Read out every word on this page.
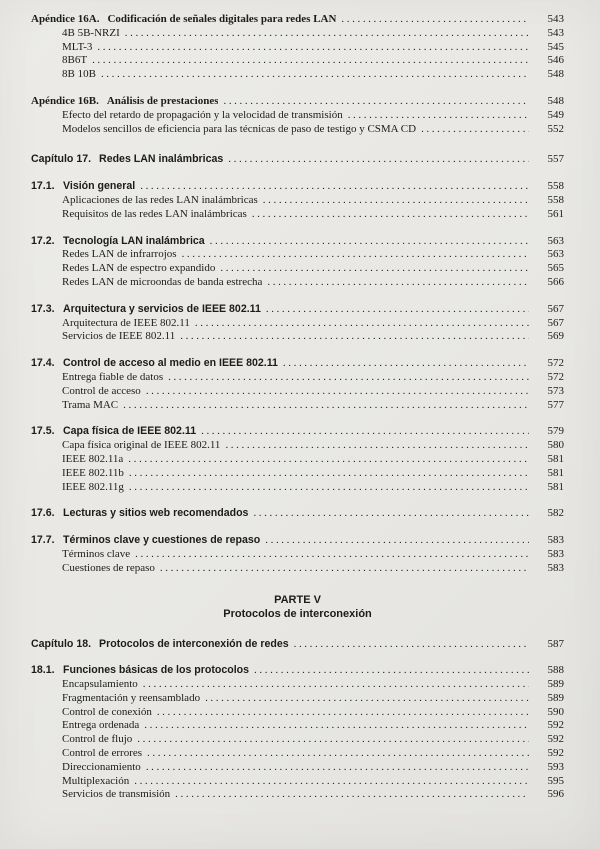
Apéndice 16A. Codificación de señales digitales para redes LAN .....	543
4B 5B-NRZI .....	543
MLT-3 .....	545
8B6T .....	546
8B 10B .....	548
Apéndice 16B. Análisis de prestaciones .....	548
Efecto del retardo de propagación y la velocidad de transmisión .....	549
Modelos sencillos de eficiencia para las técnicas de paso de testigo y CSMA CD .....	552
Capítulo 17. Redes LAN inalámbricas .....	557
17.1. Visión general .....	558
Aplicaciones de las redes LAN inalámbricas .....	558
Requisitos de las redes LAN inalámbricas .....	561
17.2. Tecnología LAN inalámbrica .....	563
Redes LAN de infrarrojos .....	563
Redes LAN de espectro expandido .....	565
Redes LAN de microondas de banda estrecha .....	566
17.3. Arquitectura y servicios de IEEE 802.11 .....	567
Arquitectura de IEEE 802.11 .....	567
Servicios de IEEE 802.11 .....	569
17.4. Control de acceso al medio en IEEE 802.11 .....	572
Entrega fiable de datos .....	572
Control de acceso .....	573
Trama MAC .....	577
17.5. Capa física de IEEE 802.11 .....	579
Capa física original de IEEE 802.11 .....	580
IEEE 802.11a .....	581
IEEE 802.11b .....	581
IEEE 802.11g .....	581
17.6. Lecturas y sitios web recomendados .....	582
17.7. Términos clave y cuestiones de repaso .....	583
Términos clave .....	583
Cuestiones de repaso .....	583
PARTE V
Protocolos de interconexión
Capítulo 18. Protocolos de interconexión de redes .....	587
18.1. Funciones básicas de los protocolos .....	588
Encapsulamiento .....	589
Fragmentación y reensamblado .....	589
Control de conexión .....	590
Entrega ordenada .....	592
Control de flujo .....	592
Control de errores .....	592
Direccionamiento .....	593
Multiplexación .....	595
Servicios de transmisión .....	596
